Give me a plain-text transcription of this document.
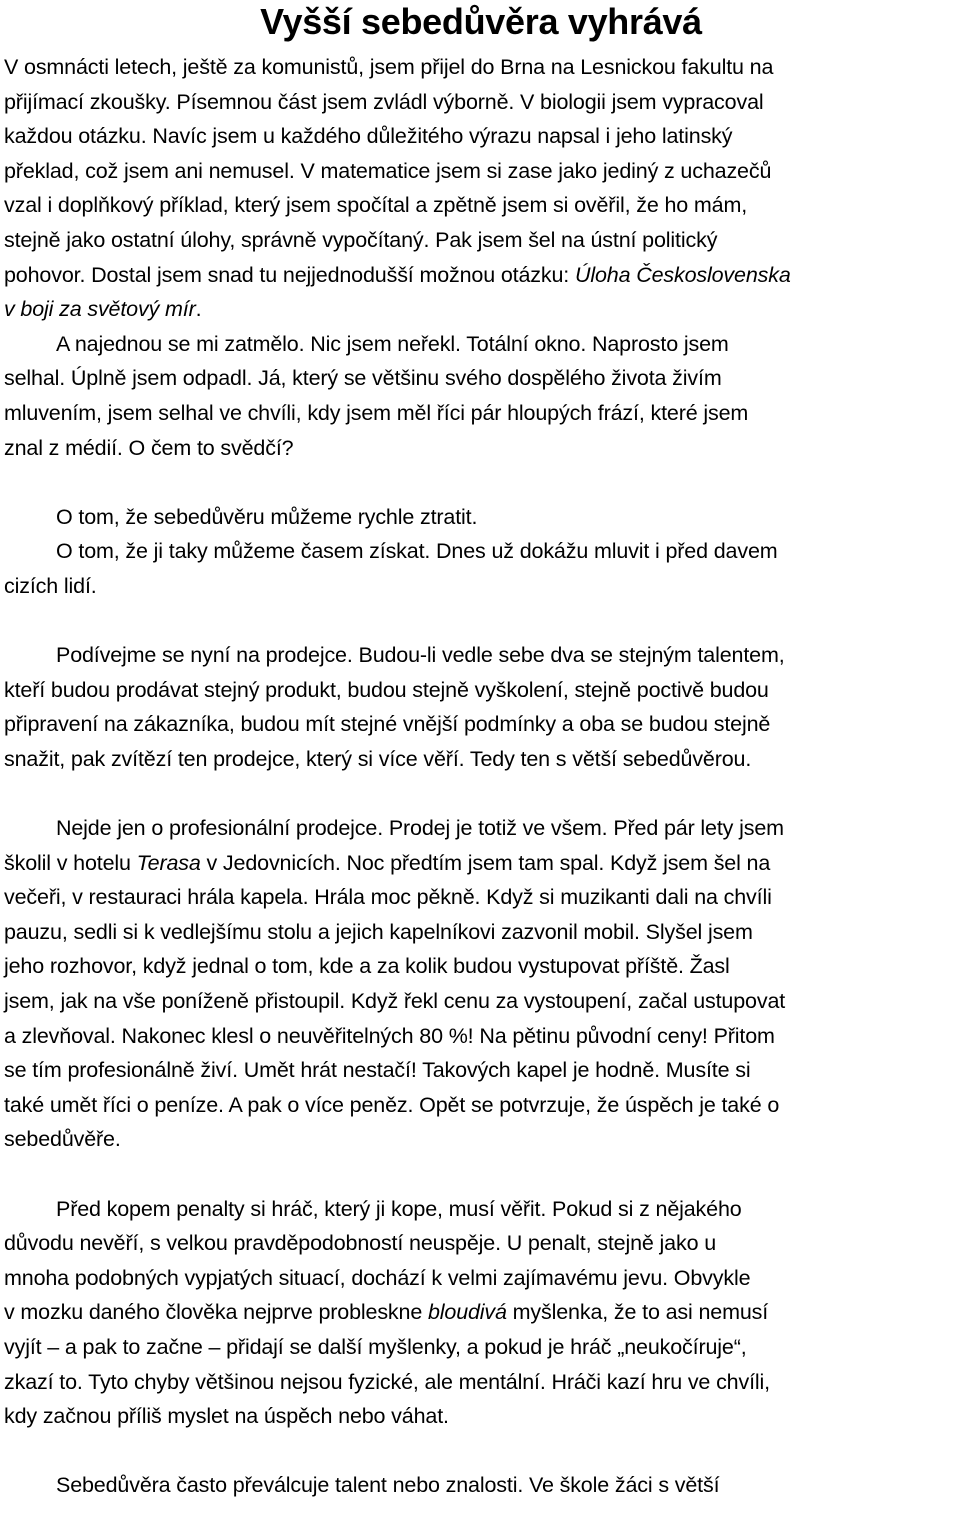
Vyšší sebedůvěra vyhrává
V osmnácti letech, ještě za komunistů, jsem přijel do Brna na Lesnickou fakultu na
přijímací zkoušky. Písemnou část jsem zvládl výborně. V biologii jsem vypracoval
každou otázku. Navíc jsem u každého důležitého výrazu napsal i jeho latinský
překlad, což jsem ani nemusel. V matematice jsem si zase jako jediný z uchazečů
vzal i doplňkový příklad, který jsem spočítal a zpětně jsem si ověřil, že ho mám,
stejně jako ostatní úlohy, správně vypočítaný. Pak jsem šel na ústní politický
pohovor. Dostal jsem snad tu nejjednodušší možnou otázku: Úloha Československa
v boji za světový mír.
A najednou se mi zatmělo. Nic jsem neřekl. Totální okno. Naprosto jsem
selhal. Úplně jsem odpadl. Já, který se většinu svého dospělého života živím
mluvením, jsem selhal ve chvíli, kdy jsem měl říci pár hloupých frází, které jsem
znal z médií. O čem to svědčí?
O tom, že sebedůvěru můžeme rychle ztratit.
O tom, že ji taky můžeme časem získat. Dnes už dokážu mluvit i před davem
cizích lidí.
Podívejme se nyní na prodejce. Budou-li vedle sebe dva se stejným talentem,
kteří budou prodávat stejný produkt, budou stejně vyškolení, stejně poctivě budou
připravení na zákazníka, budou mít stejné vnější podmínky a oba se budou stejně
snažit, pak zvítězí ten prodejce, který si více věří. Tedy ten s větší sebedůvěrou.
Nejde jen o profesionální prodejce. Prodej je totiž ve všem. Před pár lety jsem
školil v hotelu Terasa v Jedovnicích. Noc předtím jsem tam spal. Když jsem šel na
večeři, v restauraci hrála kapela. Hrála moc pěkně. Když si muzikanti dali na chvíli
pauzu, sedli si k vedlejšímu stolu a jejich kapelníkovi zazvonil mobil. Slyšel jsem
jeho rozhovor, když jednal o tom, kde a za kolik budou vystupovat příště. Žasl
jsem, jak na vše poníženě přistoupil. Když řekl cenu za vystoupení, začal ustupovat
a zlevňoval. Nakonec klesl o neuvěřitelných 80 %! Na pětinu původní ceny! Přitom
se tím profesionálně živí. Umět hrát nestačí! Takových kapel je hodně. Musíte si
také umět říci o peníze. A pak o více peněz. Opět se potvrzuje, že úspěch je také o
sebedůvěře.
Před kopem penalty si hráč, který ji kope, musí věřit. Pokud si z nějakého
důvodu nevěří, s velkou pravděpodobností neuspěje. U penalt, stejně jako u
mnoha podobných vypjatých situací, dochází k velmi zajímavému jevu. Obvykle
v mozku daného člověka nejprve probleskne bloudivá myšlenka, že to asi nemusí
vyjít – a pak to začne – přidají se další myšlenky, a pokud je hráč „neukočíruje“,
zkazí to. Tyto chyby většinou nejsou fyzické, ale mentální. Hráči kazí hru ve chvíli,
kdy začnou příliš myslet na úspěch nebo váhat.
Sebedůvěra často převálcuje talent nebo znalosti. Ve škole žáci s větší
